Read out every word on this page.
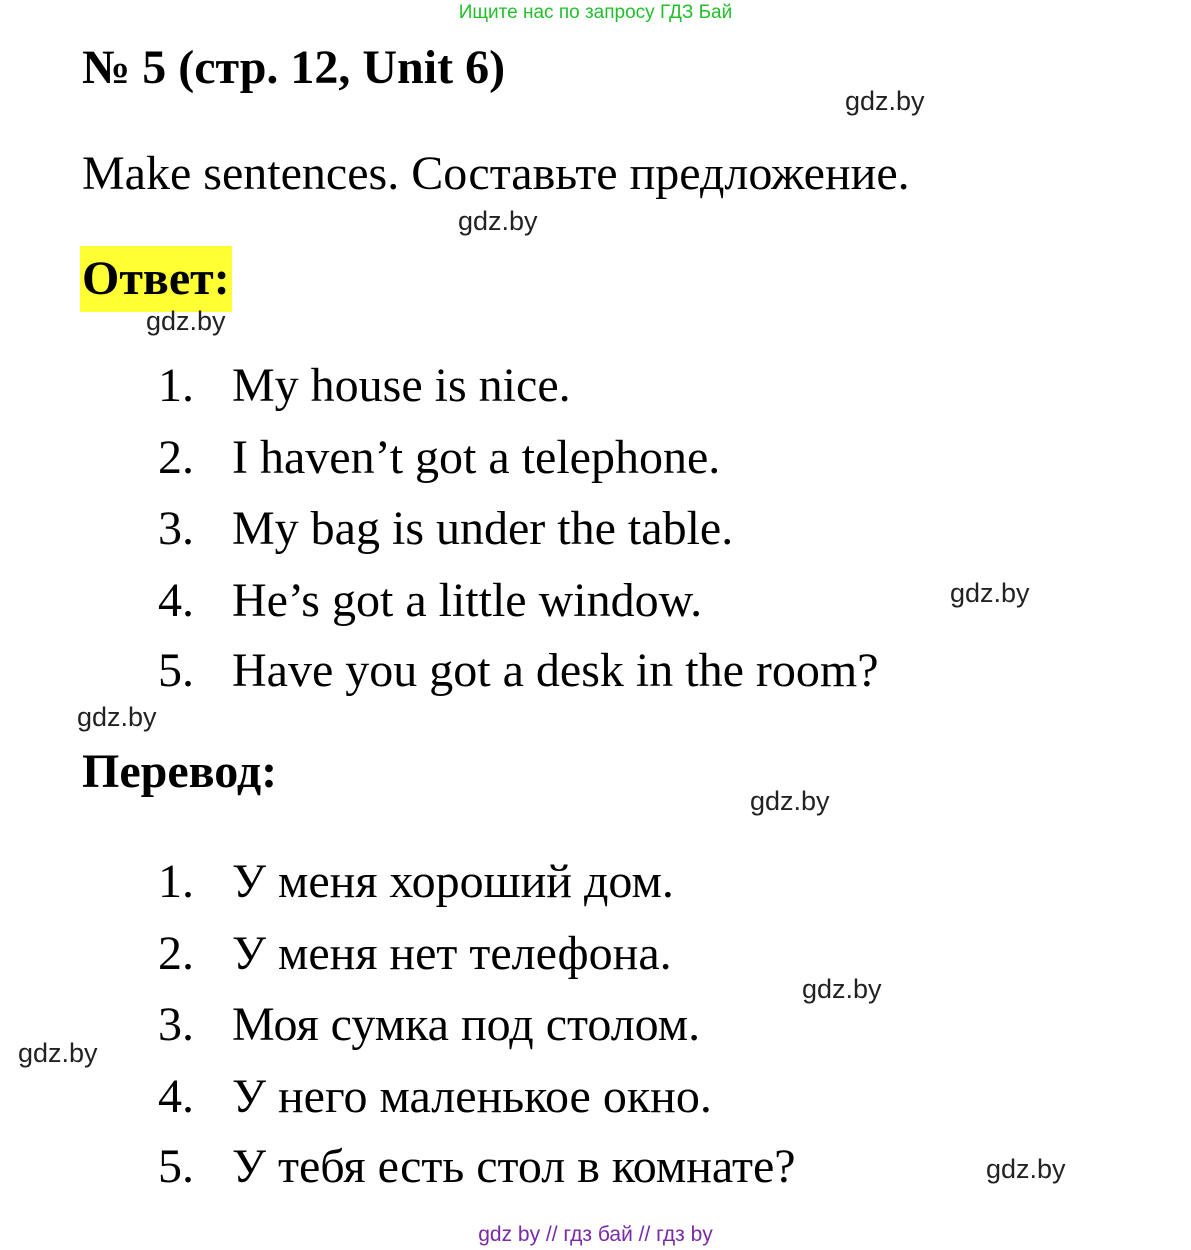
Ищите нас по запросу ГДЗ Бай
№ 5 (стр. 12, Unit 6)
Make sentences. Составьте предложение.
Ответ:
1. My house is nice.
2. I haven’t got a telephone.
3. My bag is under the table.
4. He’s got a little window.
5. Have you got a desk in the room?
Перевод:
1. У меня хороший дом.
2. У меня нет телефона.
3. Моя сумка под столом.
4. У него маленькое окно.
5. У тебя есть стол в комнате?
gdz.by
gdz.by
gdz.by
gdz.by
gdz.by
gdz.by
gdz.by
gdz.by
gdz.by
gdz by // гдз бай // гдз by
